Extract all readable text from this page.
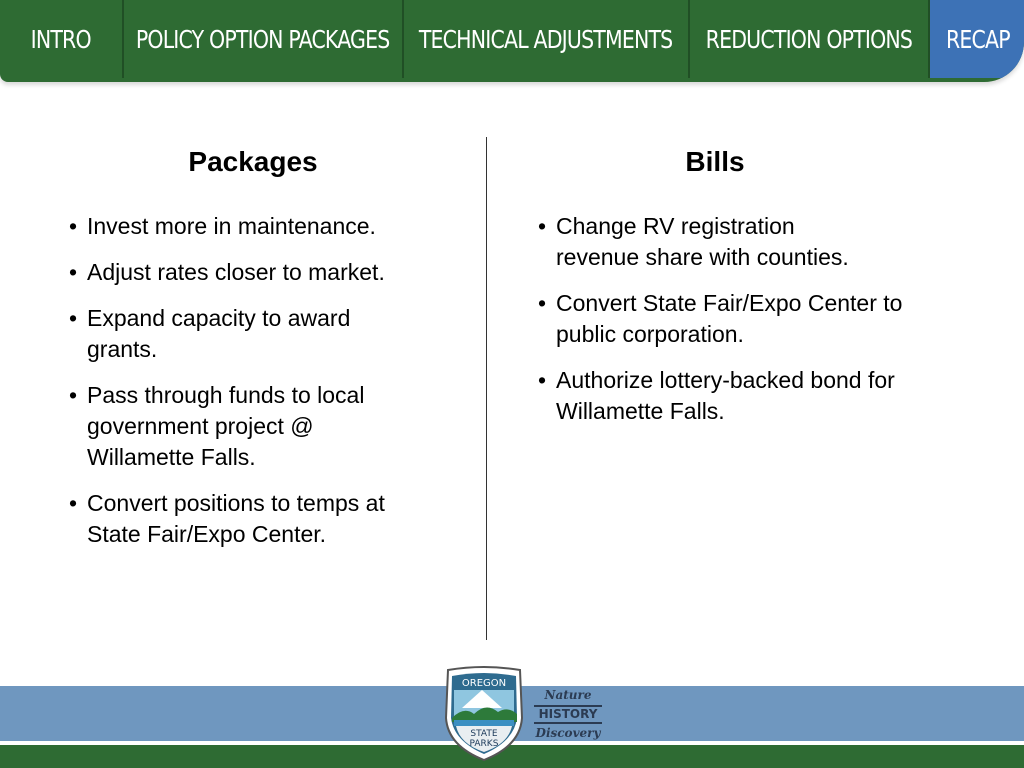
INTRO POLICY OPTION PACKAGES TECHNICAL ADJUSTMENTS REDUCTION OPTIONS RECAP
Packages
• Invest more in maintenance.
• Adjust rates closer to market.
• Expand capacity to award grants.
• Pass through funds to local government project @ Willamette Falls.
• Convert positions to temps at State Fair/Expo Center.
Bills
• Change RV registration revenue share with counties.
• Convert State Fair/Expo Center to public corporation.
• Authorize lottery-backed bond for Willamette Falls.
OREGON
STATE
PARKS
Nature
HISTORY
Discovery
